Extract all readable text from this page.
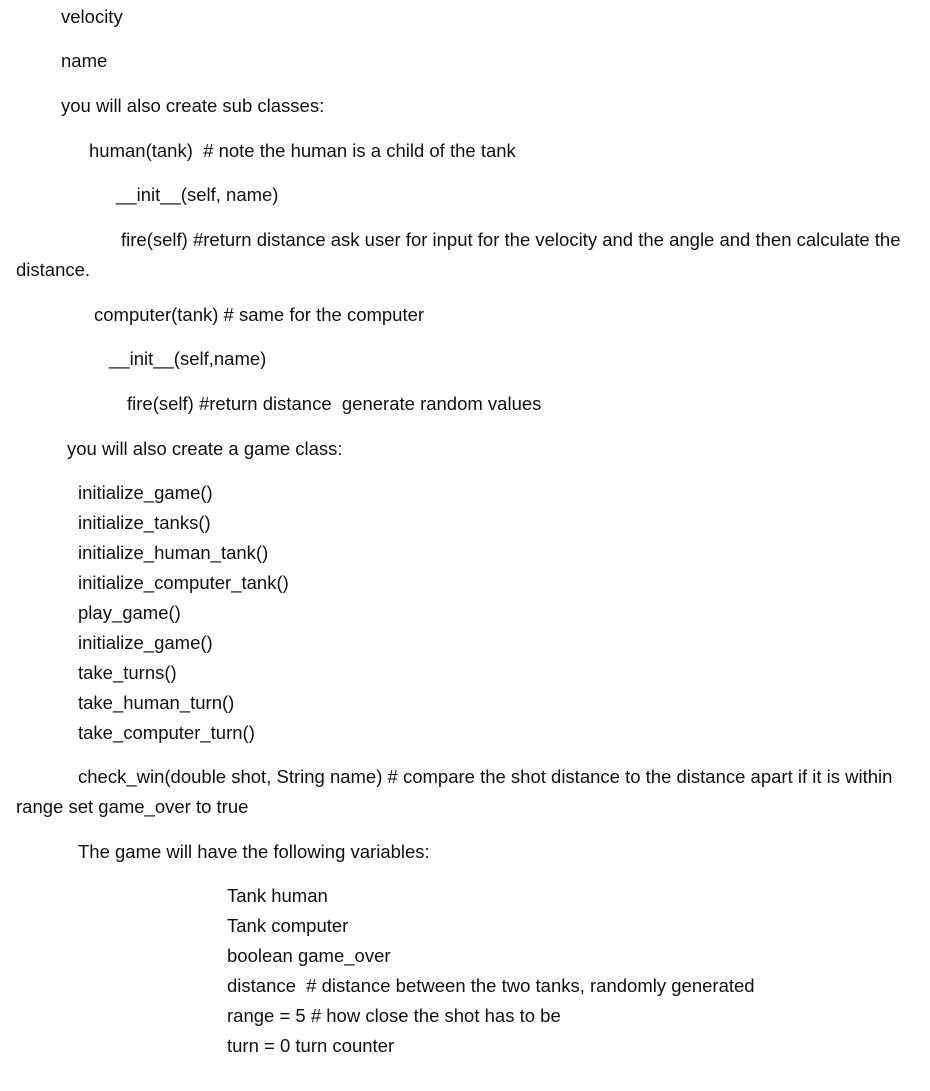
velocity
name
you will also create sub classes:
human(tank)  # note the human is a child of the tank
__init__(self, name)
fire(self) #return distance ask user for input for the velocity and the angle and then calculate the distance.
computer(tank) # same for the computer
__init__(self,name)
fire(self) #return distance  generate random values
you will also create a game class:
initialize_game()
initialize_tanks()
initialize_human_tank()
initialize_computer_tank()
play_game()
initialize_game()
take_turns()
take_human_turn()
take_computer_turn()
check_win(double shot, String name) # compare the shot distance to the distance apart if it is within range set game_over to true
The game will have the following variables:
Tank human
Tank computer
boolean game_over
distance  # distance between the two tanks, randomly generated
range = 5 # how close the shot has to be
turn = 0 turn counter
